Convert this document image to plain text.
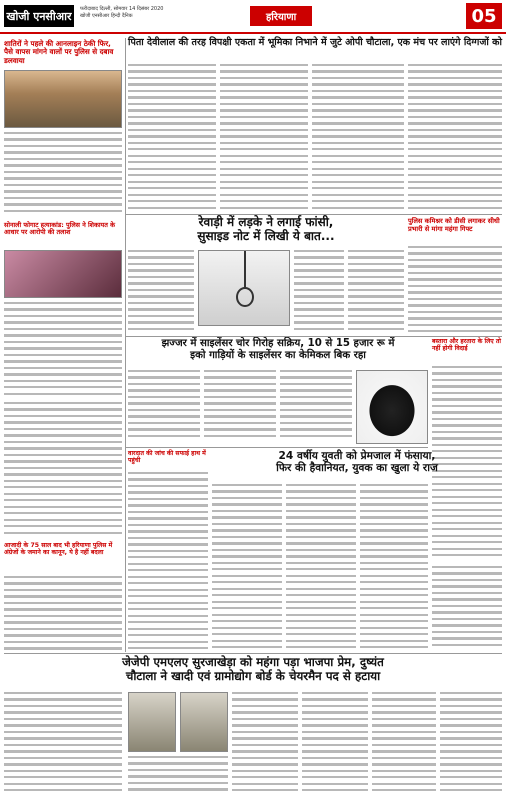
खोजी एनसीआर
फरीदाबाद दिल्ली, सोमवार 14 दिसंबर 2020
खोजी एनसीआर हिन्दी दैनिक	हरियाणा	05
शातिरों ने पहले की आनलाइन ठेकी फिर, पैसे वापस मांगने वालों पर पुलिस से दबाव डलवाया
पिता देवीलाल की तरह विपक्षी एकता में भूमिका निभाने में जुटे ओपी चौटाला, एक मंच पर लाएंगे दिग्गजों को
रेवाड़ी में लड़के ने लगाई फांसी,
सुसाइड नोट में लिखी ये बात...
पुलिस कमिश्नर को डीसी लगाकर सीधी प्रभारी से मांगा महंगा गिफ्ट
सोनाली फोगाट हत्याकांड: पुलिस ने शिकायत के आधार पर आरोपी की तलाश
झज्जर में साइलेंसर चोर गिरोह सक्रिय, 10 से 15 हजार रू में
इको गाड़ियों के साइलेंसर का केमिकल बिक रहा
बस्तारा और हरतारा के लिए तो नहीं होगी विदाई
आजादी के 75 साल बाद भी हरियाणा पुलिस में अंग्रेजों के जमाने का कानून, ये है नहीं बदला
वारदात की जांच की सफाई हाथ में पहुंची	24 वर्षीय युवती को प्रेमजाल में फंसाया,
फिर की हैवानियत, युवक का खुला ये राज
जेजेपी एमएलए सुरजाखेड़ा को महंगा पड़ा भाजपा प्रेम, दुष्यंत
चौटाला ने खादी एवं ग्रामोद्योग बोर्ड के चेयरमैन पद से हटाया
